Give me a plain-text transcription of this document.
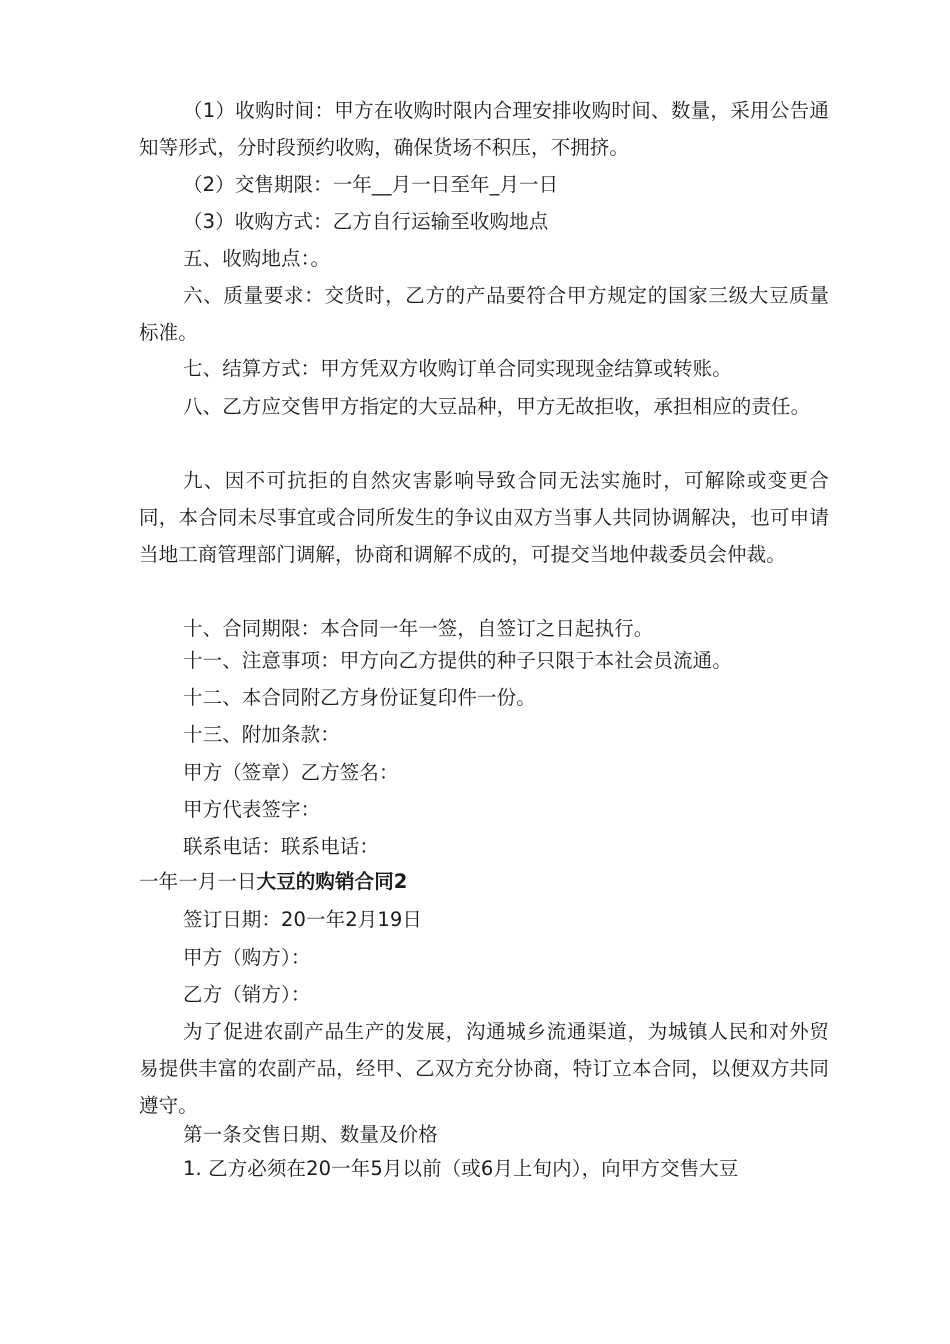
（1）收购时间：甲方在收购时限内合理安排收购时间、数量，采用公告通知等形式，分时段预约收购，确保货场不积压，不拥挤。
（2）交售期限：一年__月一日至年_月一日
（3）收购方式：乙方自行运输至收购地点
五、收购地点：。
六、质量要求：交货时，乙方的产品要符合甲方规定的国家三级大豆质量标准。
七、结算方式：甲方凭双方收购订单合同实现现金结算或转账。
八、乙方应交售甲方指定的大豆品种，甲方无故拒收，承担相应的责任。
九、因不可抗拒的自然灾害影响导致合同无法实施时，可解除或变更合同，本合同未尽事宜或合同所发生的争议由双方当事人共同协调解决，也可申请当地工商管理部门调解，协商和调解不成的，可提交当地仲裁委员会仲裁。
十、合同期限：本合同一年一签，自签订之日起执行。
十一、注意事项：甲方向乙方提供的种子只限于本社会员流通。
十二、本合同附乙方身份证复印件一份。
十三、附加条款：
甲方（签章）乙方签名：
甲方代表签字：
联系电话：联系电话：
一年一月一日大豆的购销合同2
签订日期：20一年2月19日
甲方（购方）：
乙方（销方）：
为了促进农副产品生产的发展，沟通城乡流通渠道，为城镇人民和对外贸易提供丰富的农副产品，经甲、乙双方充分协商，特订立本合同，以便双方共同遵守。
第一条交售日期、数量及价格
1. 乙方必须在20一年5月以前（或6月上旬内），向甲方交售大豆
